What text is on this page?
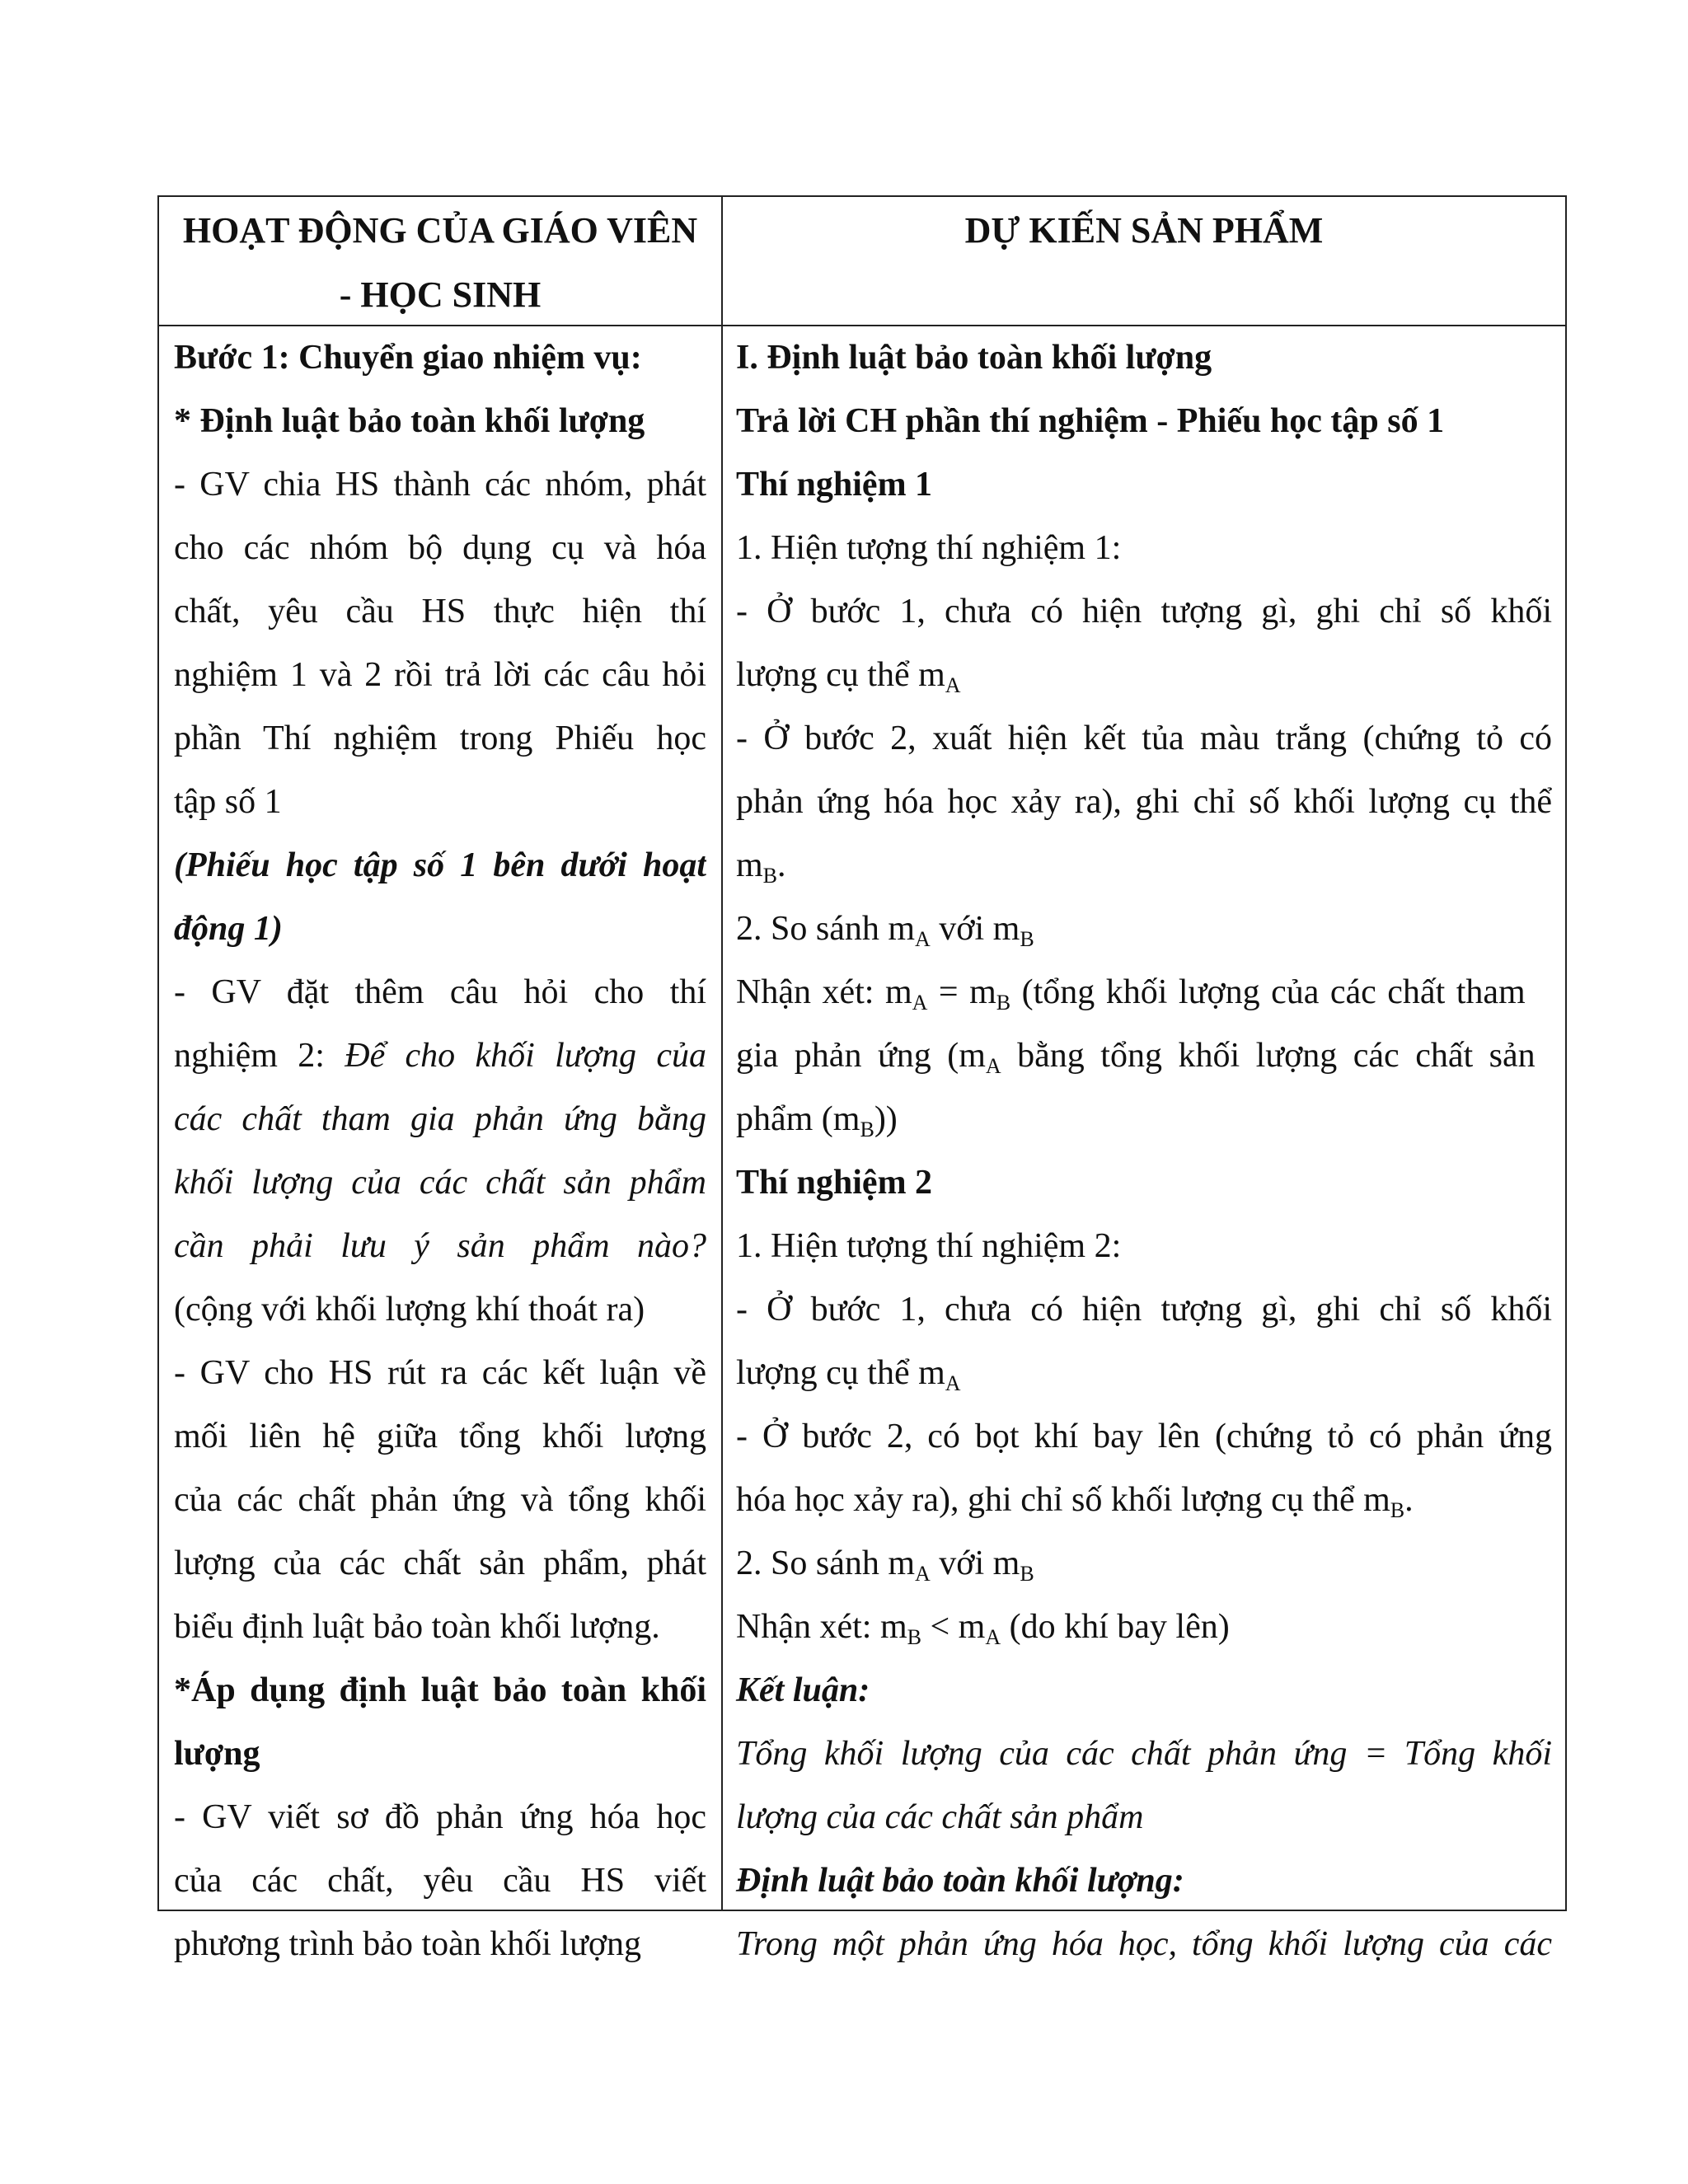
HOẠT ĐỘNG CỦA GIÁO VIÊN
- HỌC SINH
DỰ KIẾN SẢN PHẨM
Bước 1: Chuyển giao nhiệm vụ:
* Định luật bảo toàn khối lượng
- GV chia HS thành các nhóm, phát
cho các nhóm bộ dụng cụ và hóa
chất, yêu cầu HS thực hiện thí
nghiệm 1 và 2 rồi trả lời các câu hỏi
phần Thí nghiệm trong Phiếu học
tập số 1
(Phiếu học tập số 1 bên dưới hoạt
động 1)
- GV đặt thêm câu hỏi cho thí
nghiệm 2: Để cho khối lượng của
các chất tham gia phản ứng bằng
khối lượng của các chất sản phẩm
cần phải lưu ý sản phẩm nào?
(cộng với khối lượng khí thoát ra)
- GV cho HS rút ra các kết luận về
mối liên hệ giữa tổng khối lượng
của các chất phản ứng và tổng khối
lượng của các chất sản phẩm, phát
biểu định luật bảo toàn khối lượng.
*Áp dụng định luật bảo toàn khối
lượng
- GV viết sơ đồ phản ứng hóa học
của các chất, yêu cầu HS viết
phương trình bảo toàn khối lượng
I. Định luật bảo toàn khối lượng
Trả lời CH phần thí nghiệm - Phiếu học tập số 1
Thí nghiệm 1
1. Hiện tượng thí nghiệm 1:
- Ở bước 1, chưa có hiện tượng gì, ghi chỉ số khối
lượng cụ thể $m_A$
- Ở bước 2, xuất hiện kết tủa màu trắng (chứng tỏ có
phản ứng hóa học xảy ra), ghi chỉ số khối lượng cụ thể
$m_B$.
2. So sánh $m_A$ với $m_B$
Nhận xét: $m_A = m_B$ (tổng khối lượng của các chất tham
gia phản ứng ($m_A$ bằng tổng khối lượng các chất sản
phẩm $(m_B)$)
Thí nghiệm 2
1. Hiện tượng thí nghiệm 2:
- Ở bước 1, chưa có hiện tượng gì, ghi chỉ số khối
lượng cụ thể $m_A$
- Ở bước 2, có bọt khí bay lên (chứng tỏ có phản ứng
hóa học xảy ra), ghi chỉ số khối lượng cụ thể $m_B$.
2. So sánh $m_A$ với $m_B$
Nhận xét: $m_B < m_A$ (do khí bay lên)
Kết luận:
Tổng khối lượng của các chất phản ứng = Tổng khối
lượng của các chất sản phẩm
Định luật bảo toàn khối lượng:
Trong một phản ứng hóa học, tổng khối lượng của các
